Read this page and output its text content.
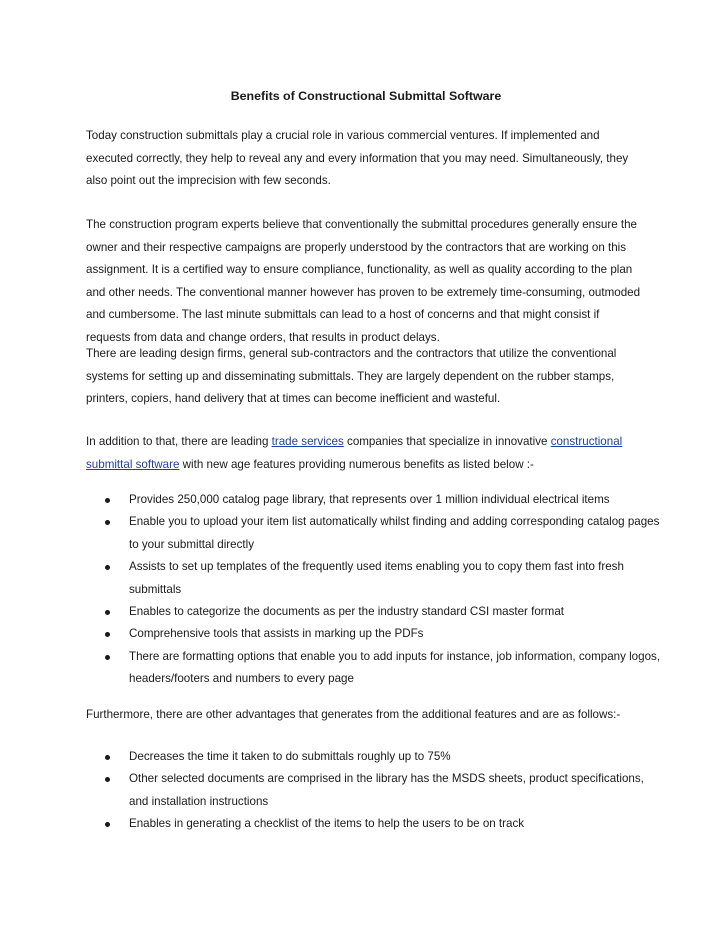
Benefits of Constructional Submittal Software

Today construction submittals play a crucial role in various commercial ventures. If implemented and executed correctly, they help to reveal any and every information that you may need. Simultaneously, they also point out the imprecision with few seconds.

The construction program experts believe that conventionally the submittal procedures generally ensure the owner and their respective campaigns are properly understood by the contractors that are working on this assignment. It is a certified way to ensure compliance, functionality, as well as quality according to the plan and other needs. The conventional manner however has proven to be extremely time-consuming, outmoded and cumbersome. The last minute submittals can lead to a host of concerns and that might consist if requests from data and change orders, that results in product delays.

There are leading design firms, general sub-contractors and the contractors that utilize the conventional systems for setting up and disseminating submittals. They are largely dependent on the rubber stamps, printers, copiers, hand delivery that at times can become inefficient and wasteful.

In addition to that, there are leading trade services companies that specialize in innovative constructional submittal software with new age features providing numerous benefits as listed below :-

Provides 250,000 catalog page library, that represents over 1 million individual electrical items
Enable you to upload your item list automatically whilst finding and adding corresponding catalog pages to your submittal directly
Assists to set up templates of the frequently used items enabling you to copy them fast into fresh submittals
Enables to categorize the documents as per the industry standard CSI master format
Comprehensive tools that assists in marking up the PDFs
There are formatting options that enable you to add inputs for instance, job information, company logos, headers/footers and numbers to every page

Furthermore, there are other advantages that generates from the additional features and are as follows:-

Decreases the time it taken to do submittals roughly up to 75%
Other selected documents are comprised in the library has the MSDS sheets, product specifications, and installation instructions
Enables in generating a checklist of the items to help the users to be on track
